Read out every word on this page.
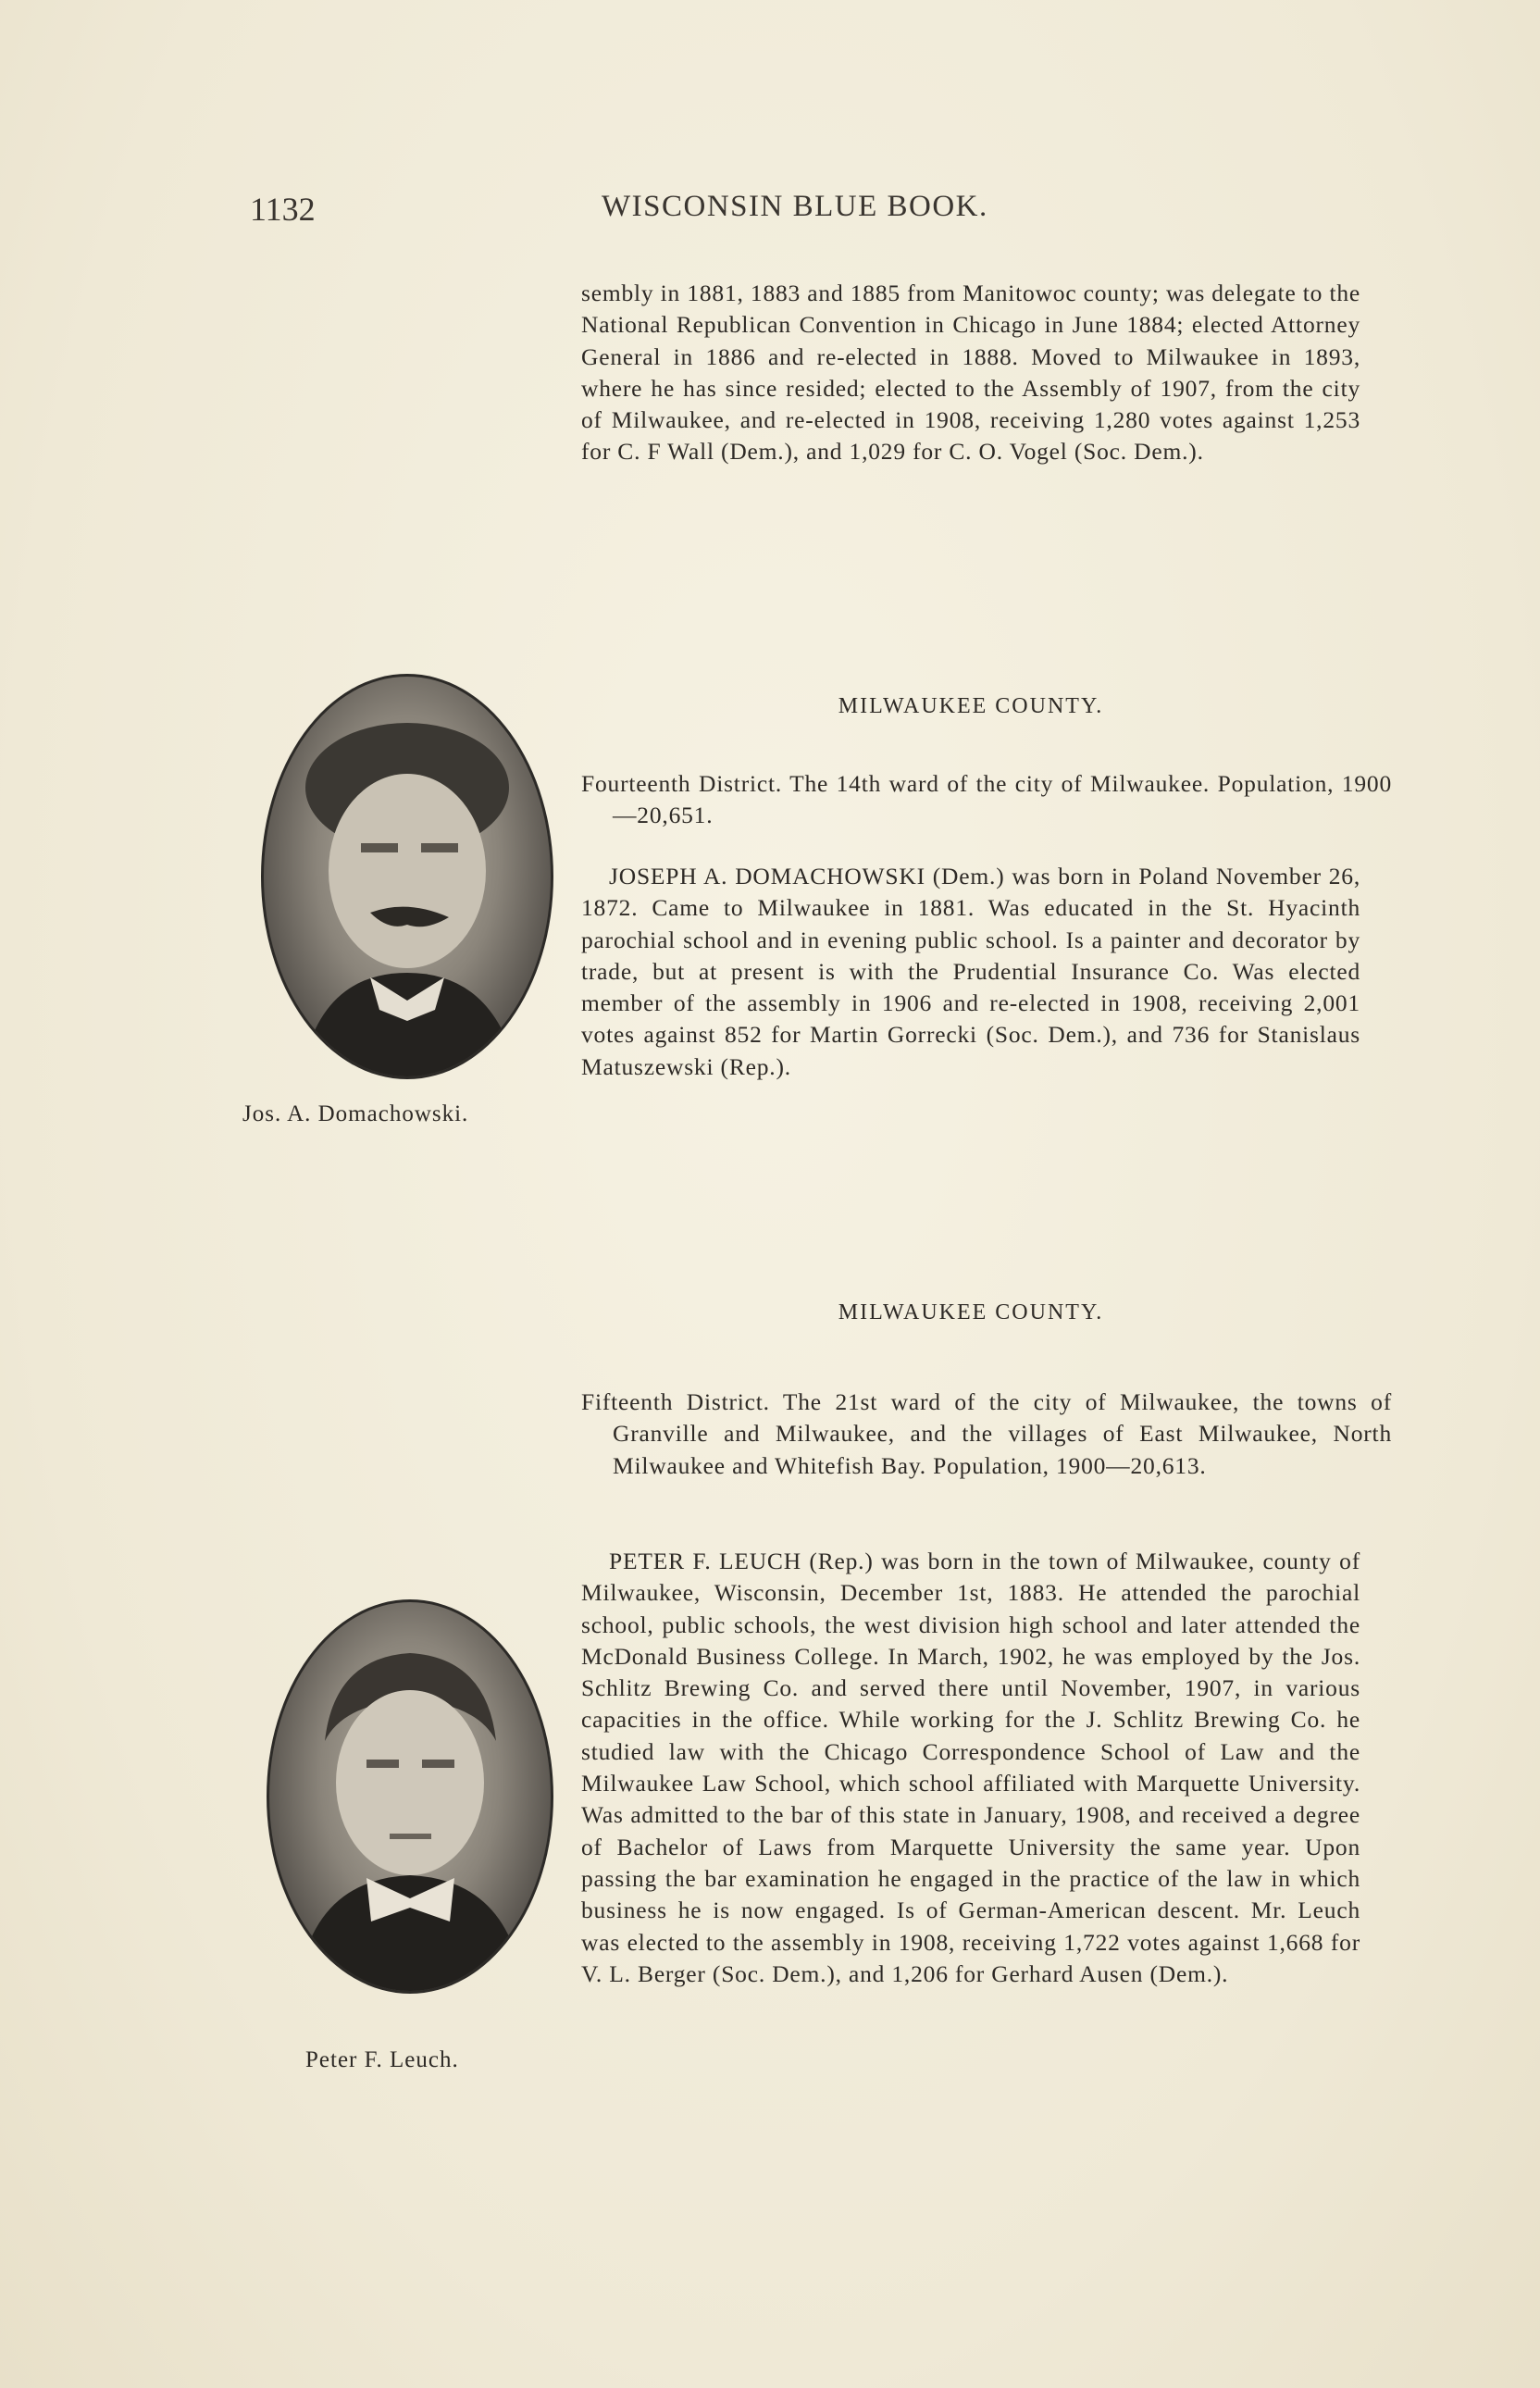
1132	WISCONSIN BLUE BOOK.

sembly in 1881, 1883 and 1885 from Manitowoc county; was delegate to the National Republican Convention in Chicago in June 1884; elected Attorney General in 1886 and re-elected in 1888. Moved to Milwaukee in 1893, where he has since resided; elected to the Assembly of 1907, from the city of Milwaukee, and re-elected in 1908, receiving 1,280 votes against 1,253 for C. F Wall (Dem.), and 1,029 for C. O. Vogel (Soc. Dem.).

MILWAUKEE COUNTY.

Fourteenth District. The 14th ward of the city of Milwaukee. Population, 1900—20,651.

JOSEPH A. DOMACHOWSKI (Dem.) was born in Poland November 26, 1872. Came to Milwaukee in 1881. Was educated in the St. Hyacinth parochial school and in evening public school. Is a painter and decorator by trade, but at present is with the Prudential Insurance Co. Was elected member of the assembly in 1906 and re-elected in 1908, receiving 2,001 votes against 852 for Martin Gorrecki (Soc. Dem.), and 736 for Stanislaus Matuszewski (Rep.).

Jos. A. Domachowski.
MILWAUKEE COUNTY.

Fifteenth District. The 21st ward of the city of Milwaukee, the towns of Granville and Milwaukee, and the villages of East Milwaukee, North Milwaukee and Whitefish Bay. Population, 1900—20,613.

PETER F. LEUCH (Rep.) was born in the town of Milwaukee, county of Milwaukee, Wisconsin, December 1st, 1883. He attended the parochial school, public schools, the west division high school and later attended the McDonald Business College. In March, 1902, he was employed by the Jos. Schlitz Brewing Co. and served there until November, 1907, in various capacities in the office. While working for the J. Schlitz Brewing Co. he studied law with the Chicago Correspondence School of Law and the Milwaukee Law School, which school affiliated with Marquette University. Was admitted to the bar of this state in January, 1908, and received a degree of Bachelor of Laws from Marquette University the same year. Upon passing the bar examination he engaged in the practice of the law in which business he is now engaged. Is of German-American descent. Mr. Leuch was elected to the assembly in 1908, receiving 1,722 votes against 1,668 for V. L. Berger (Soc. Dem.), and 1,206 for Gerhard Ausen (Dem.).

Peter F. Leuch.
